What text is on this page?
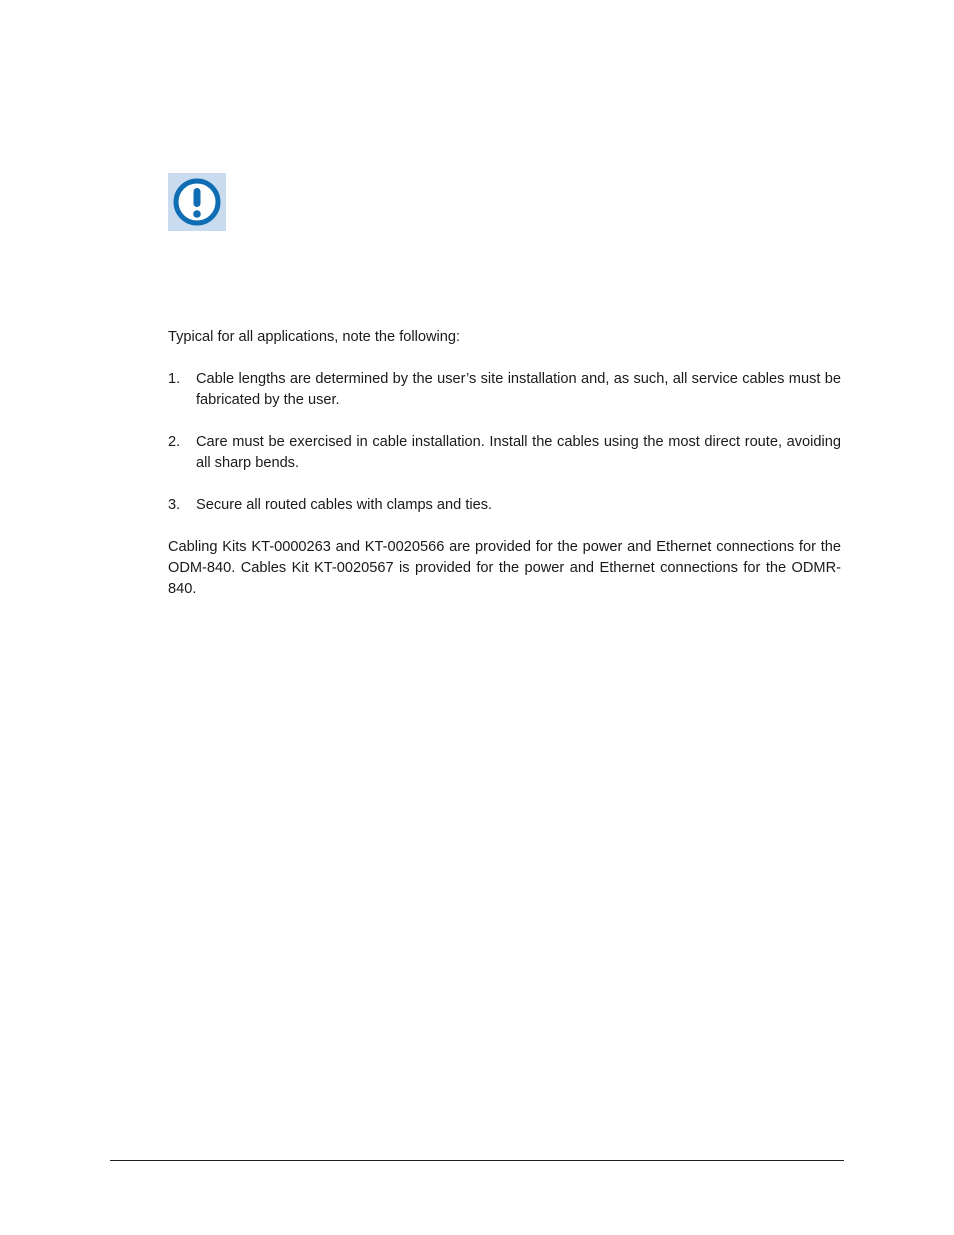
Typical for all applications, note the following:

1.	Cable lengths are determined by the user’s site installation and, as such, all service cables must be fabricated by the user.
2.	Care must be exercised in cable installation. Install the cables using the most direct route, avoiding all sharp bends.
3.	Secure all routed cables with clamps and ties.

Cabling Kits KT-0000263 and KT-0020566 are provided for the power and Ethernet connections for the ODM-840. Cables Kit KT-0020567 is provided for the power and Ethernet connections for the ODMR-840.
